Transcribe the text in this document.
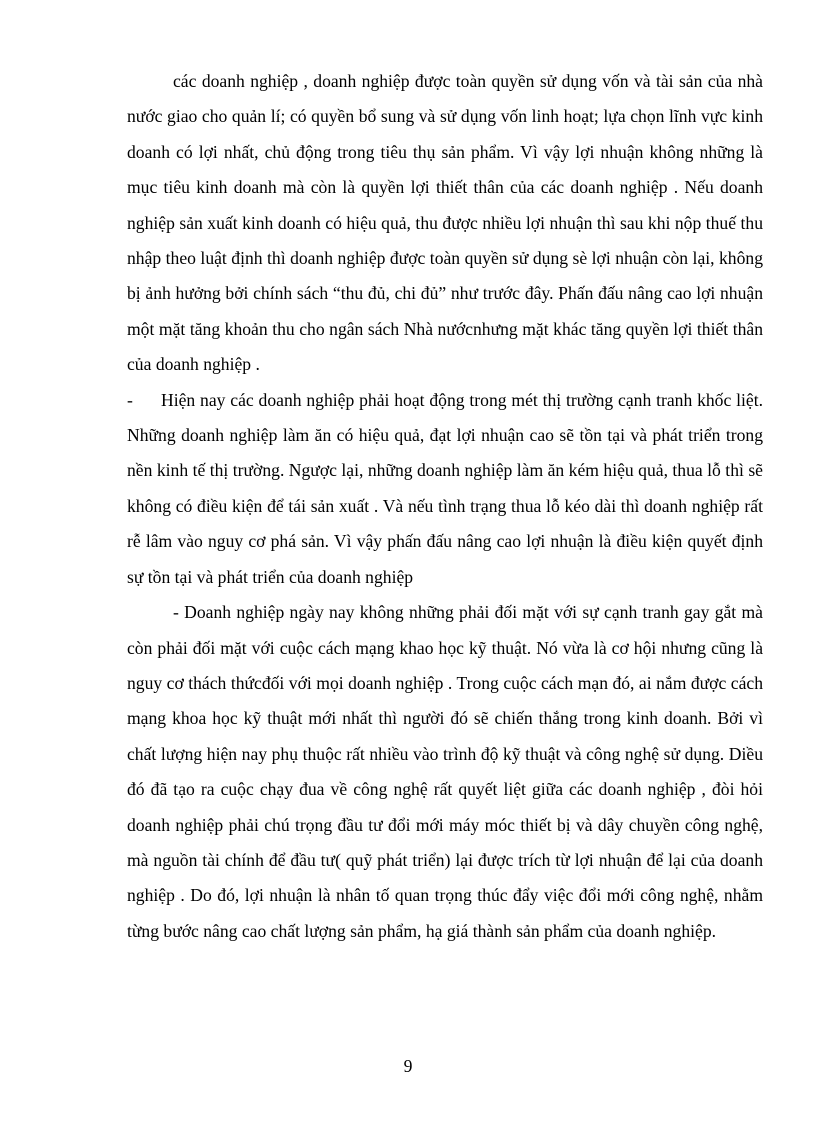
các doanh nghiệp , doanh nghiệp được toàn quyền sử dụng vốn và tài sản của nhà nước giao cho quản lí; có quyền bổ sung và sử dụng vốn linh hoạt; lựa chọn lĩnh vực kinh doanh có lợi nhất, chủ động trong tiêu thụ sản phẩm. Vì vậy lợi nhuận không những là mục tiêu kinh doanh mà còn là quyền lợi thiết thân của các doanh nghiệp . Nếu doanh nghiệp sản xuất kinh doanh có hiệu quả, thu được nhiều lợi nhuận thì sau khi nộp thuế thu nhập theo luật định thì doanh nghiệp được toàn quyền sử dụng sè lợi nhuận còn lại, không bị ảnh hưởng bởi chính sách “thu đủ, chi đủ” như trước đây. Phấn đấu nâng cao lợi nhuận một mặt tăng khoản thu cho ngân sách Nhà nướcnhưng mặt khác tăng quyền lợi thiết thân của doanh nghiệp .

- Hiện nay các doanh nghiệp phải hoạt động trong mét thị trường cạnh tranh khốc liệt. Những doanh nghiệp làm ăn có hiệu quả, đạt lợi nhuận cao sẽ tồn tại và phát triển trong nền kinh tế thị trường. Ngược lại, những doanh nghiệp làm ăn kém hiệu quả, thua lỗ thì sẽ không có điều kiện để tái sản xuất . Và nếu tình trạng thua lỗ kéo dài thì doanh nghiệp rất rễ lâm vào nguy cơ phá sản. Vì vậy phấn đấu nâng cao lợi nhuận là điều kiện quyết định sự tồn tại và phát triển của doanh nghiệp

- Doanh nghiệp ngày nay không những phải đối mặt với sự cạnh tranh gay gắt mà còn phải đối mặt với cuộc cách mạng khao học kỹ thuật. Nó vừa là cơ hội nhưng cũng là nguy cơ thách thứcđối với mọi doanh nghiệp . Trong cuộc cách mạn đó, ai nắm được cách mạng khoa học kỹ thuật mới nhất thì người đó sẽ chiến thắng trong kinh doanh. Bởi vì chất lượng hiện nay phụ thuộc rất nhiều vào trình độ kỹ thuật và công nghệ sử dụng. Diều đó đã tạo ra cuộc chạy đua về công nghệ rất quyết liệt giữa các doanh nghiệp , đòi hỏi doanh nghiệp phải chú trọng đầu tư đổi mới máy móc thiết bị và dây chuyền công nghệ, mà nguồn tài chính để đầu tư( quỹ phát triển) lại được trích từ lợi nhuận để lại của doanh nghiệp . Do đó, lợi nhuận là nhân tố quan trọng thúc đẩy việc đổi mới công nghệ, nhằm từng bước nâng cao chất lượng sản phẩm, hạ giá thành sản phẩm của doanh nghiệp.

9
